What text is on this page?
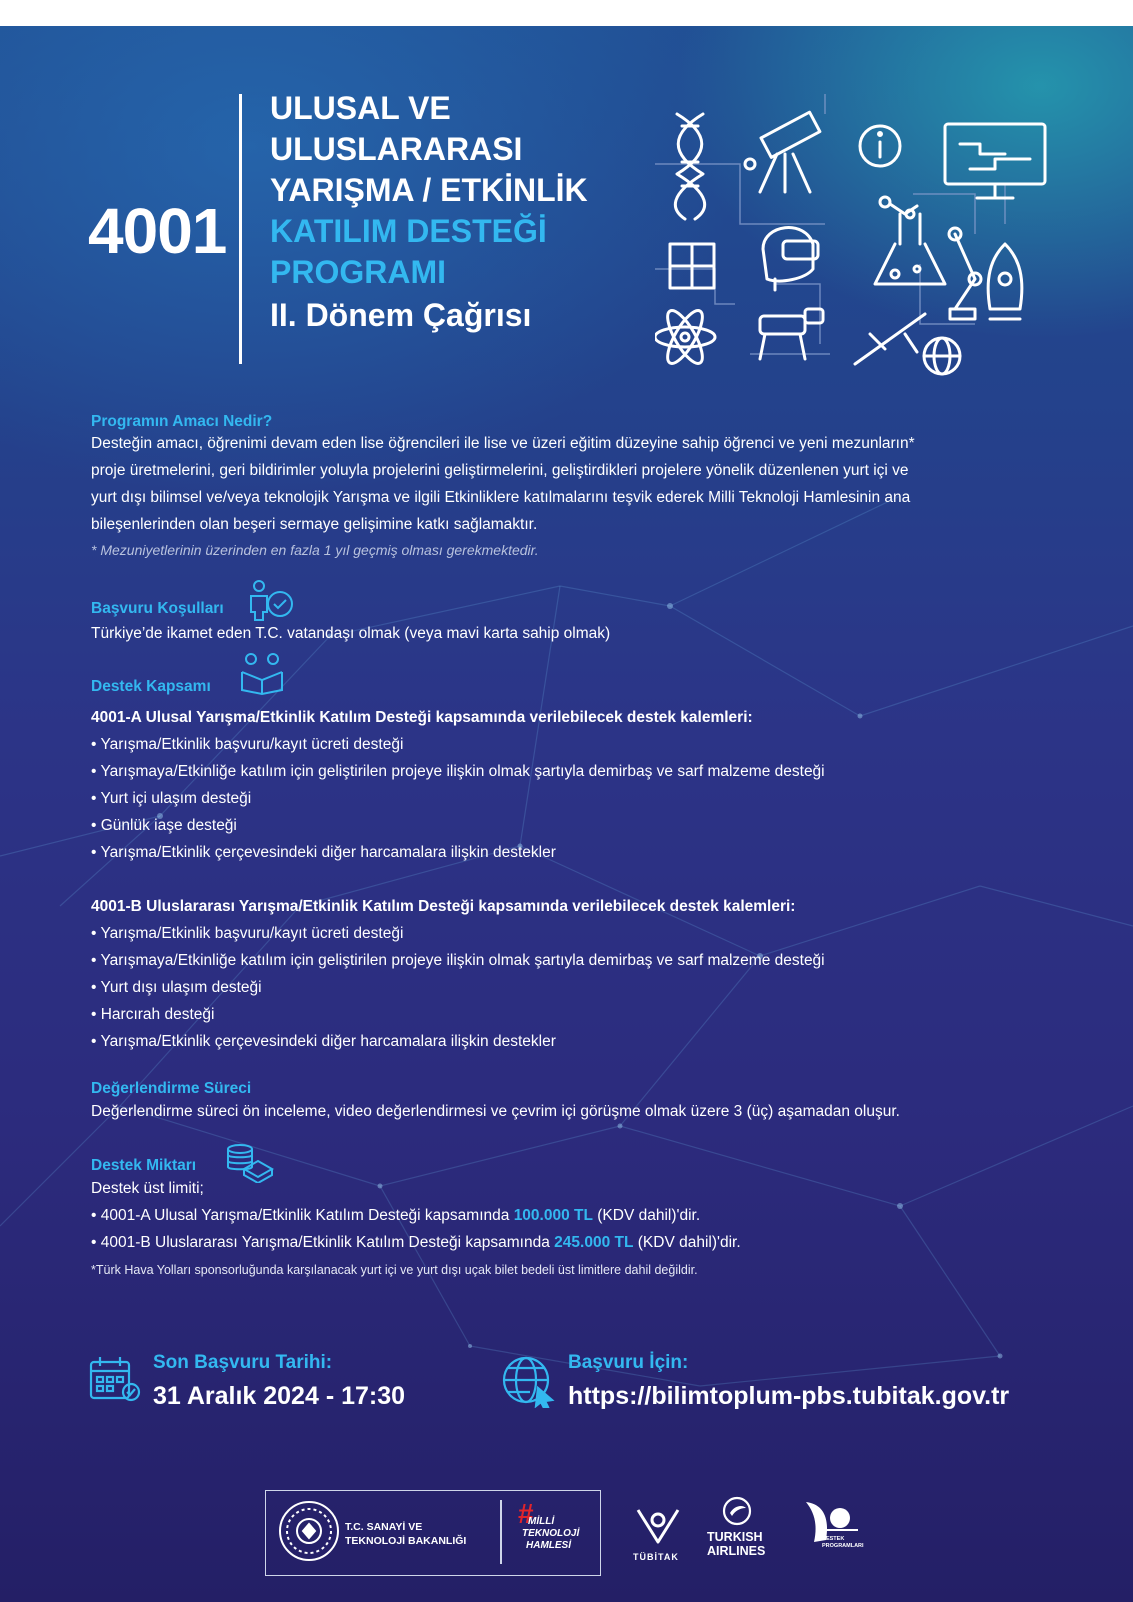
4001
ULUSAL VE
ULUSLARARASI
YARIŞMA / ETKİNLİK
KATILIM DESTEĞİ
PROGRAMI
II. Dönem Çağrısı
Programın Amacı Nedir?
Desteğin amacı, öğrenimi devam eden lise öğrencileri ile lise ve üzeri eğitim düzeyine sahip öğrenci ve yeni mezunların*
proje üretmelerini, geri bildirimler yoluyla projelerini geliştirmelerini, geliştirdikleri projelere yönelik düzenlenen yurt içi ve
yurt dışı bilimsel ve/veya teknolojik Yarışma ve ilgili Etkinliklere katılmalarını teşvik ederek Milli Teknoloji Hamlesinin ana
bileşenlerinden olan beşeri sermaye gelişimine katkı sağlamaktır.
* Mezuniyetlerinin üzerinden en fazla 1 yıl geçmiş olması gerekmektedir.
Başvuru Koşulları
Türkiye’de ikamet eden T.C. vatandaşı olmak (veya mavi karta sahip olmak)
Destek Kapsamı
4001-A Ulusal Yarışma/Etkinlik Katılım Desteği kapsamında verilebilecek destek kalemleri:
• Yarışma/Etkinlik başvuru/kayıt ücreti desteği
• Yarışmaya/Etkinliğe katılım için geliştirilen projeye ilişkin olmak şartıyla demirbaş ve sarf malzeme desteği
• Yurt içi ulaşım desteği
• Günlük iaşe desteği
• Yarışma/Etkinlik çerçevesindeki diğer harcamalara ilişkin destekler
4001-B Uluslararası Yarışma/Etkinlik Katılım Desteği kapsamında verilebilecek destek kalemleri:
• Yarışma/Etkinlik başvuru/kayıt ücreti desteği
• Yarışmaya/Etkinliğe katılım için geliştirilen projeye ilişkin olmak şartıyla demirbaş ve sarf malzeme desteği
• Yurt dışı ulaşım desteği
• Harcırah desteği
• Yarışma/Etkinlik çerçevesindeki diğer harcamalara ilişkin destekler
Değerlendirme Süreci
Değerlendirme süreci ön inceleme, video değerlendirmesi ve çevrim içi görüşme olmak üzere 3 (üç) aşamadan oluşur.
Destek Miktarı
Destek üst limiti;
• 4001-A Ulusal Yarışma/Etkinlik Katılım Desteği kapsamında 100.000 TL (KDV dahil)'dir.
• 4001-B Uluslararası Yarışma/Etkinlik Katılım Desteği kapsamında 245.000 TL (KDV dahil)'dir.
*Türk Hava Yolları sponsorluğunda karşılanacak yurt içi ve yurt dışı uçak bilet bedeli üst limitlere dahil değildir.
Son Başvuru Tarihi:
31 Aralık 2024 - 17:30
Başvuru İçin:
https://bilimtoplum-pbs.tubitak.gov.tr
T.C. SANAYİ VE
TEKNOLOJİ BAKANLIĞI
#
MİLLİ
TEKNOLOJİ
HAMLESİ
TÜBİTAK
TURKISH
AIRLINES
DESTEK
PROGRAMLARI
